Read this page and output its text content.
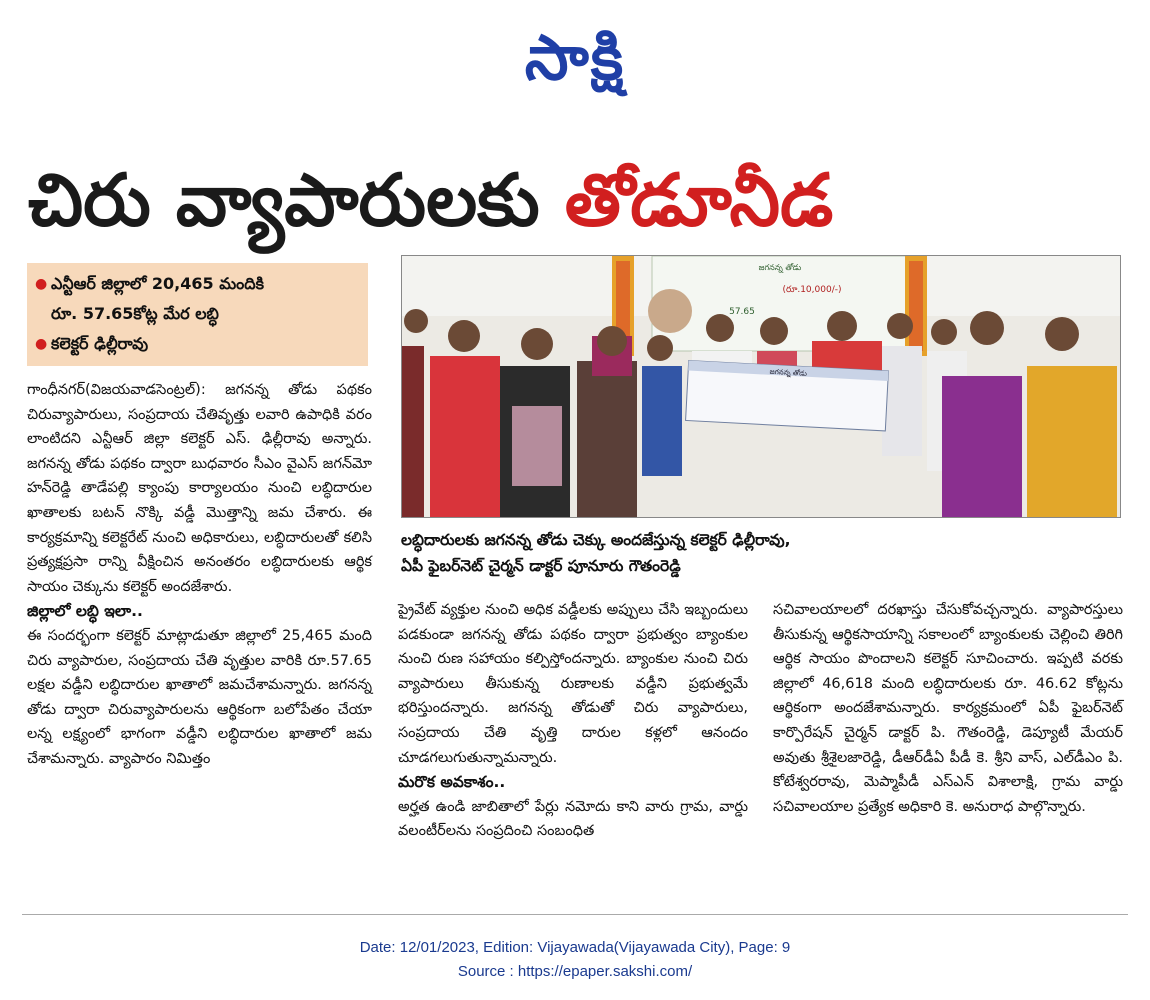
సాక్షి
చిరు వ్యాపారులకు తోడూనీడ
● ఎన్టీఆర్ జిల్లాలో 20,465 మందికి
రూ. 57.65కోట్ల మేర లబ్ధి
● కలెక్టర్ ఢిల్లీరావు
జగనన్న తోడు
(రూ.10,000/-)
57.65
జగనన్న తోడు
లబ్ధిదారులకు జగనన్న తోడు చెక్కు అందజేస్తున్న కలెక్టర్ ఢిల్లీరావు,
ఏపీ ఫైబర్‌నెట్ చైర్మన్ డాక్టర్ పూనూరు గౌతంరెడ్డి

గాంధీనగర్(విజయవాడసెంట్రల్): జగనన్న తోడు పథకం చిరువ్యాపారులు, సంప్రదాయ చేతివృత్తు లవారి ఉపాధికి వరం లాంటిదని ఎన్టీఆర్ జిల్లా కలెక్టర్ ఎస్. ఢిల్లీరావు అన్నారు. జగనన్న తోడు పథకం ద్వారా బుధవారం సీఎం వైఎస్ జగన్‌మో హన్‌రెడ్డి తాడేపల్లి క్యాంపు కార్యాలయం నుంచి లబ్ధిదారుల ఖాతాలకు బటన్ నొక్కి వడ్డీ మొత్తాన్ని జమ చేశారు. ఈ కార్యక్రమాన్ని కలెక్టరేట్ నుంచి అధికారులు, లబ్ధిదారులతో కలిసి ప్రత్యక్షప్రసా రాన్ని వీక్షించిన అనంతరం లబ్ధిదారులకు ఆర్థిక సాయం చెక్కును కలెక్టర్ అందజేశారు.

జిల్లాలో లబ్ధి ఇలా..

ఈ సందర్భంగా కలెక్టర్ మాట్లాడుతూ జిల్లాలో 25,465 మంది చిరు వ్యాపారుల, సంప్రదాయ చేతి వృత్తుల వారికి రూ.57.65 లక్షల వడ్డీని లబ్ధిదారుల ఖాతాలో జమచేశామన్నారు. జగనన్న తోడు ద్వారా చిరువ్యాపారులను ఆర్థికంగా బలోపేతం చేయా లన్న లక్ష్యంలో భాగంగా వడ్డీని లబ్ధిదారుల ఖాతాలో జమ చేశామన్నారు. వ్యాపారం నిమిత్తం

ప్రైవేట్ వ్యక్తుల నుంచి అధిక వడ్డీలకు అప్పులు చేసి ఇబ్బందులు పడకుండా జగనన్న తోడు పథకం ద్వారా ప్రభుత్వం బ్యాంకుల నుంచి రుణ సహాయం కల్పిస్తోందన్నారు. బ్యాంకుల నుంచి చిరు వ్యాపారులు తీసుకున్న రుణాలకు వడ్డీని ప్రభుత్వమే భరిస్తుందన్నారు. జగనన్న తోడుతో చిరు వ్యాపారులు, సంప్రదాయ చేతి వృత్తి దారుల కళ్లలో ఆనందం చూడగలుగుతున్నామన్నారు.

మరొక అవకాశం..

అర్హత ఉండి జాబితాలో పేర్లు నమోదు కాని వారు గ్రామ, వార్డు వలంటీర్‌లను సంప్రదించి సంబంధిత

సచివాలయాలలో దరఖాస్తు చేసుకోవచ్చన్నారు. వ్యాపారస్తులు తీసుకున్న ఆర్థికసాయాన్ని సకాలంలో బ్యాంకులకు చెల్లించి తిరిగి ఆర్థిక సాయం పొందాలని కలెక్టర్ సూచించారు. ఇప్పటి వరకు జిల్లాలో 46,618 మంది లబ్ధిదారులకు రూ. 46.62 కోట్లను ఆర్థికంగా అందజేశామన్నారు. కార్యక్రమంలో ఏపీ ఫైబర్‌నెట్ కార్పొరేషన్ చైర్మన్ డాక్టర్ పి. గౌతంరెడ్డి, డెప్యూటీ మేయర్ అవుతు శ్రీశైలజారెడ్డి, డీఆర్‌డీఏ పీడీ కె. శ్రీని వాస్, ఎల్‌డీఎం పి. కోటేశ్వరరావు, మెప్మాపీడీ ఎస్ఎన్ విశాలాక్షి, గ్రామ వార్డు సచివాలయాల ప్రత్యేక అధికారి కె. అనురాధ పాల్గొన్నారు.

Date: 12/01/2023, Edition: Vijayawada(Vijayawada City), Page: 9
Source : https://epaper.sakshi.com/
